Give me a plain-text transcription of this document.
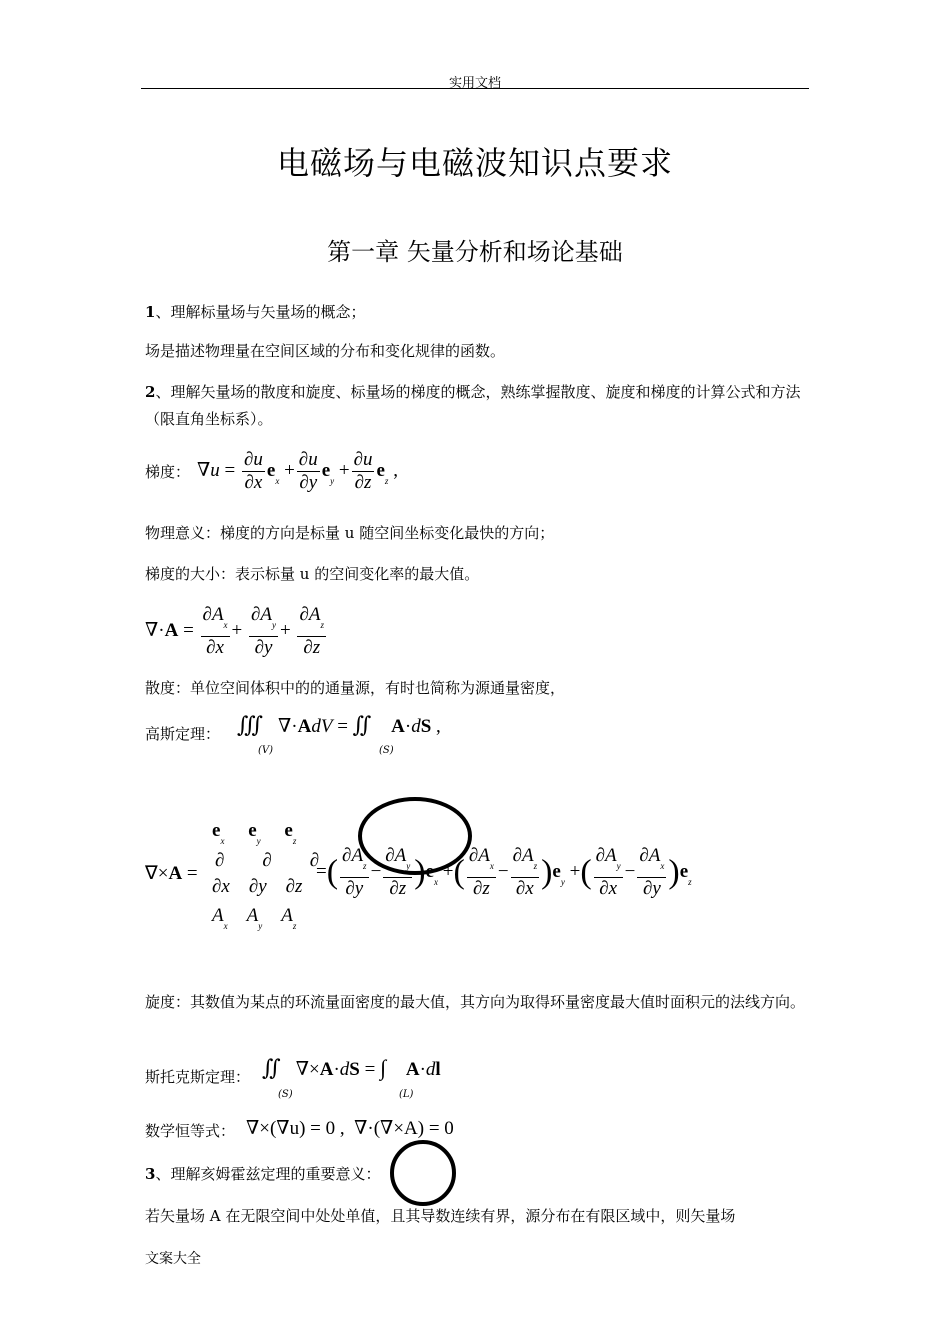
实用文档
电磁场与电磁波知识点要求
第一章 矢量分析和场论基础
1、理解标量场与矢量场的概念；
场是描述物理量在空间区域的分布和变化规律的函数。
2、理解矢量场的散度和旋度、标量场的梯度的概念，熟练掌握散度、旋度和梯度的计算公式和方法（限直角坐标系）。
梯度： $\nabla u = \frac{\partial u}{\partial x} e_x + \frac{\partial u}{\partial y} e_y + \frac{\partial u}{\partial z} e_z$ ,
物理意义：梯度的方向是标量 u 随空间坐标变化最快的方向；
梯度的大小：表示标量 u 的空间变化率的最大值。
$\nabla\cdot A = \frac{\partial A_x}{\partial x} + \frac{\partial A_y}{\partial y} + \frac{\partial A_z}{\partial z}$
散度：单位空间体积中的的通量源，有时也简称为源通量密度，
高斯定理： ∭   ∇·AdV = ∬    A·dS ,
(V)	(S)
∇×A =
$e_x$ $e_y$ $e_z$
∂        ∂        ∂
∂x    ∂y    ∂z
$A_x$ $A_y$ $A_z$
=( $\frac{\partial A_z}{\partial y} - \frac{\partial A_y}{\partial z} )e_x$ +( $\frac{\partial A_x}{\partial z} - \frac{\partial A_z}{\partial x} )e_y$ +( $\frac{\partial A_y}{\partial x} - \frac{\partial A_x}{\partial y} )e_z$
旋度：其数值为某点的环流量面密度的最大值，其方向为取得环量密度最大值时面积元的法线方向。
斯托克斯定理： ∬   ∇×A·dS = ∫    A·dl
(S)	(L)
数学恒等式： ∇×(∇u) = 0 ,  ∇·(∇×A) = 0
3、理解亥姆霍兹定理的重要意义：
若矢量场 A 在无限空间中处处单值，且其导数连续有界，源分布在有限区域中，则矢量场
文案大全
